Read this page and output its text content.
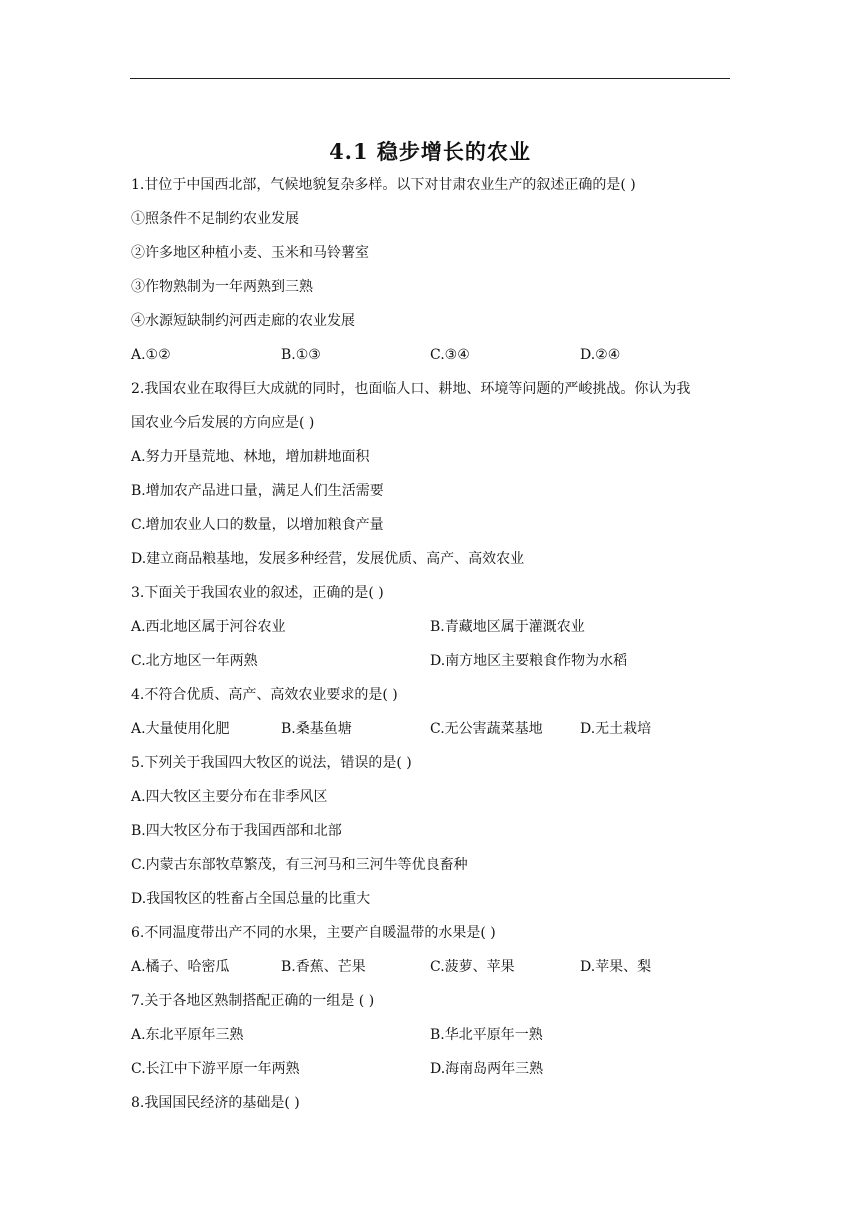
4.1 稳步增长的农业
1.甘位于中国西北部，气候地貌复杂多样。以下对甘肃农业生产的叙述正确的是( )
①照条件不足制约农业发展
②许多地区种植小麦、玉米和马铃薯室
③作物熟制为一年两熟到三熟
④水源短缺制约河西走廊的农业发展
A.①②	B.①③	C.③④	D.②④
2.我国农业在取得巨大成就的同时，也面临人口、耕地、环境等问题的严峻挑战。你认为我
国农业今后发展的方向应是( )
A.努力开垦荒地、林地，增加耕地面积
B.增加农产品进口量，满足人们生活需要
C.增加农业人口的数量，以增加粮食产量
D.建立商品粮基地，发展多种经营，发展优质、高产、高效农业
3.下面关于我国农业的叙述，正确的是( )
A.西北地区属于河谷农业	B.青藏地区属于灌溉农业
C.北方地区一年两熟	D.南方地区主要粮食作物为水稻
4.不符合优质、高产、高效农业要求的是( )
A.大量使用化肥	B.桑基鱼塘	C.无公害蔬菜基地	D.无土栽培
5.下列关于我国四大牧区的说法，错误的是( )
A.四大牧区主要分布在非季风区
B.四大牧区分布于我国西部和北部
C.内蒙古东部牧草繁茂，有三河马和三河牛等优良畜种
D.我国牧区的牲畜占全国总量的比重大
6.不同温度带出产不同的水果，主要产自暖温带的水果是( )
A.橘子、哈密瓜	B.香蕉、芒果	C.菠萝、苹果	D.苹果、梨
7.关于各地区熟制搭配正确的一组是 ( )
A.东北平原年三熟	B.华北平原年一熟
C.长江中下游平原一年两熟	D.海南岛两年三熟
8.我国国民经济的基础是( )
